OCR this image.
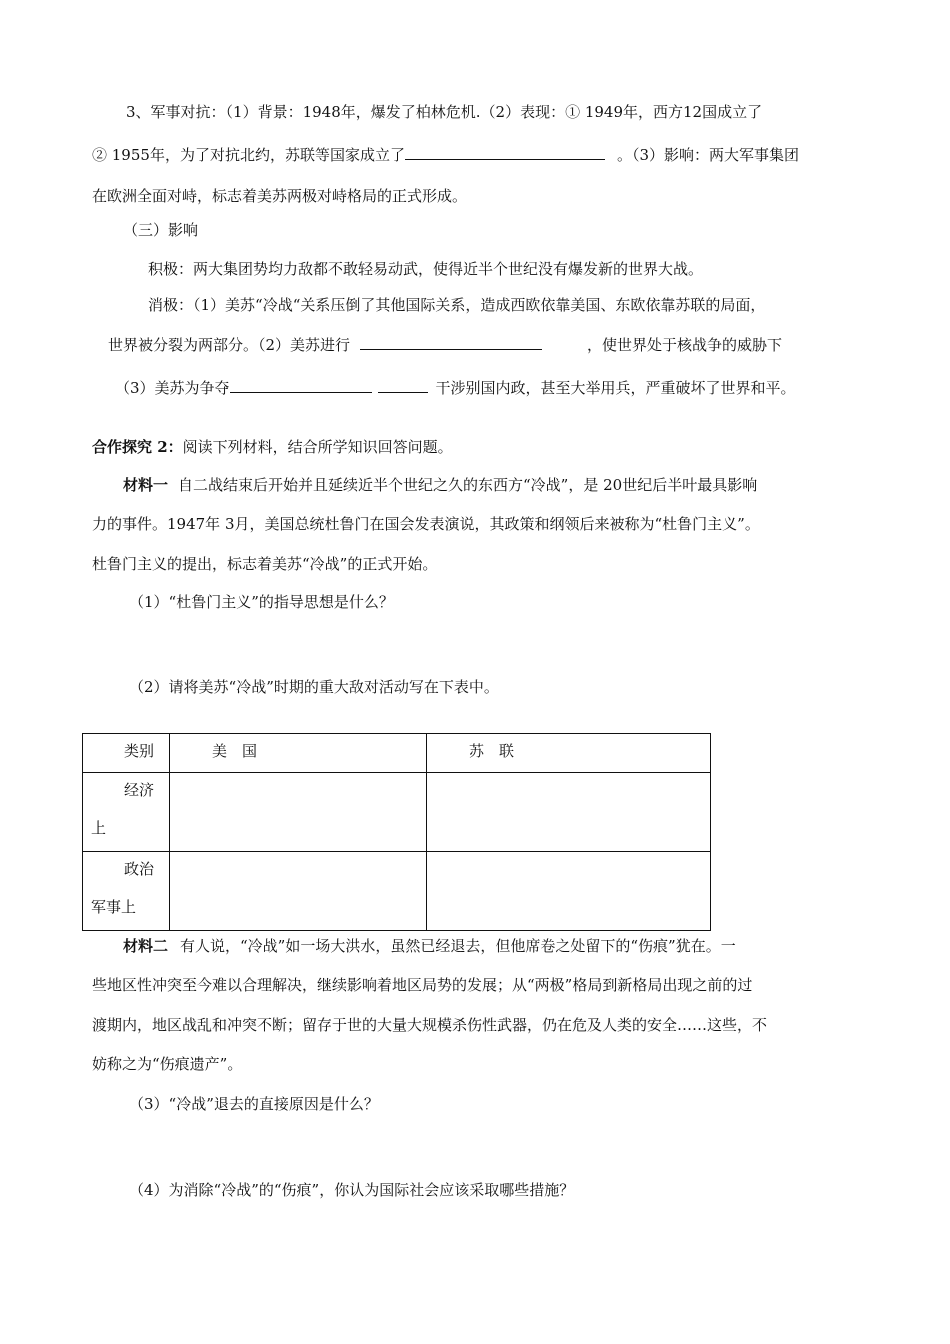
3、军事对抗：（1）背景：1948年，爆发了柏林危机.（2）表现：① 1949年，西方12国成立了
② 1955年，为了对抗北约，苏联等国家成立了	。（3）影响：两大军事集团
在欧洲全面对峙，标志着美苏两极对峙格局的正式形成。
（三）影响
积极：两大集团势均力敌都不敢轻易动武，使得近半个世纪没有爆发新的世界大战。
消极：（1）美苏“冷战“关系压倒了其他国际关系，造成西欧依靠美国、东欧依靠苏联的局面，
世界被分裂为两部分。（2）美苏进行	，使世界处于核战争的威胁下
（3）美苏为争夺	干涉别国内政，甚至大举用兵，严重破坏了世界和平。
合作探究 2：阅读下列材料，结合所学知识回答问题。
材料一 自二战结束后开始并且延续近半个世纪之久的东西方“冷战”，是 20世纪后半叶最具影响
力的事件。1947年 3月，美国总统杜鲁门在国会发表演说，其政策和纲领后来被称为“杜鲁门主义”。
杜鲁门主义的提出，标志着美苏“冷战”的正式开始。
（1）“杜鲁门主义”的指导思想是什么？
（2）请将美苏“冷战”时期的重大敌对活动写在下表中。
类别	美　国	苏　联

经济
上		

政治
军事上		

材料二 有人说，“冷战”如一场大洪水，虽然已经退去，但他席卷之处留下的“伤痕”犹在。一
些地区性冲突至今难以合理解决，继续影响着地区局势的发展；从“两极”格局到新格局出现之前的过
渡期内，地区战乱和冲突不断；留存于世的大量大规模杀伤性武器，仍在危及人类的安全……这些，不
妨称之为“伤痕遗产”。
（3）“冷战”退去的直接原因是什么？
（4）为消除“冷战”的“伤痕”，你认为国际社会应该采取哪些措施？
